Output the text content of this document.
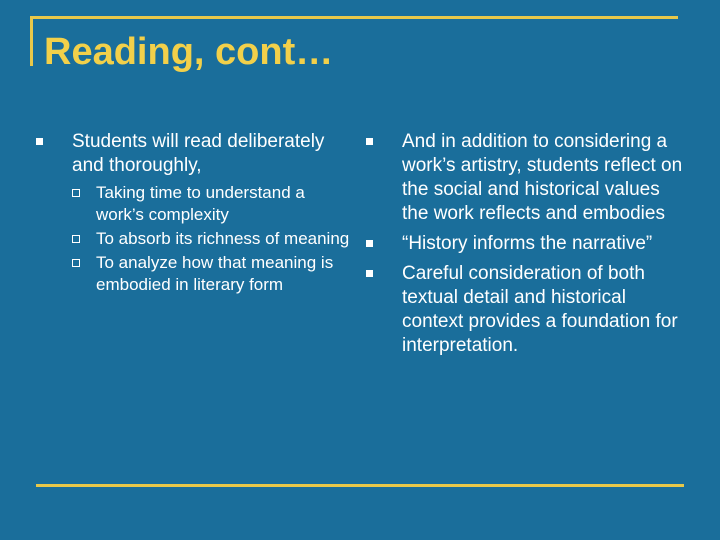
Reading, cont…
Students will read deliberately and thoroughly,
Taking time to understand a work’s complexity
To absorb its richness of meaning
To analyze how that meaning is embodied in literary form
And in addition to considering a work’s artistry, students reflect on the social and historical values the work reflects and embodies
“History informs the narrative”
Careful consideration of both textual detail and historical context provides a foundation for interpretation.
